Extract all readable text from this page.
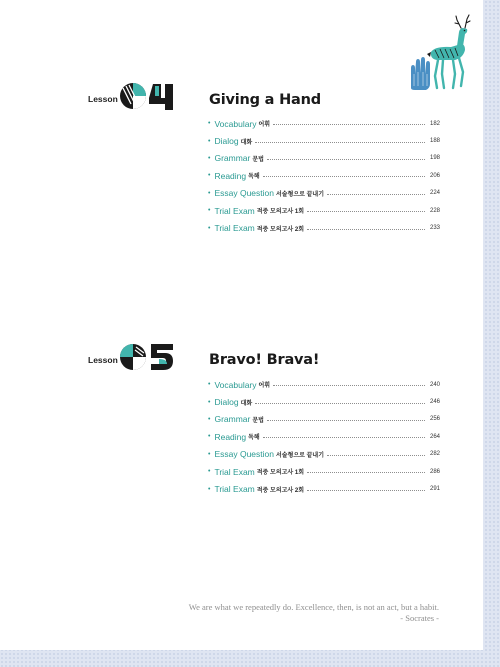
Lesson	Giving a Hand
• Vocabulary 어휘	182
• Dialog 대화	188
• Grammar 문법	198
• Reading 독해	206
• Essay Question 서술형으로 끝내기	224
• Trial Exam 적중 모의고사 1회	228
• Trial Exam 적중 모의고사 2회	233
Lesson	Bravo! Brava!
• Vocabulary 어휘	240
• Dialog 대화	246
• Grammar 문법	256
• Reading 독해	264
• Essay Question 서술형으로 끝내기	282
• Trial Exam 적중 모의고사 1회	286
• Trial Exam 적중 모의고사 2회	291
We are what we repeatedly do. Excellence, then, is not an act, but a habit.
- Socrates -
